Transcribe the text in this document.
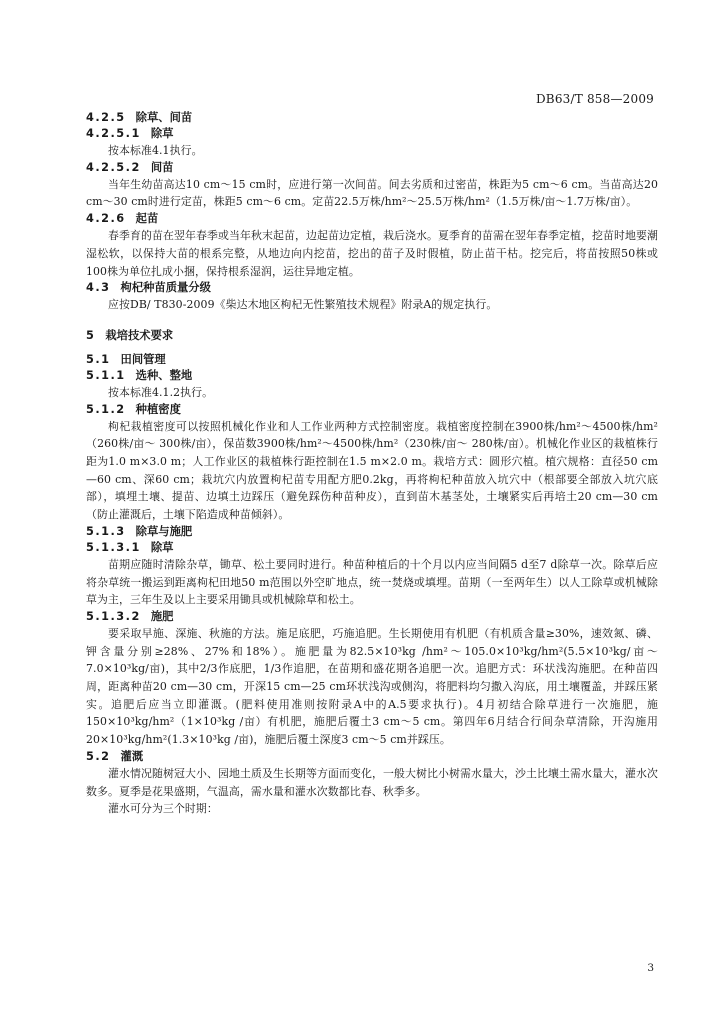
DB63/T 858—2009
4.2.5 除草、间苗
4.2.5.1 除草

按本标准4.1执行。

4.2.5.2 间苗

当年生幼苗高达10 cm～15 cm时，应进行第一次间苗。间去劣质和过密苗，株距为5 cm～6 cm。当苗高达20 cm～30 cm时进行定苗，株距5 cm～6 cm。定苗22.5万株/hm²～25.5万株/hm²（1.5万株/亩～1.7万株/亩）。

4.2.6 起苗

春季育的苗在翌年春季或当年秋末起苗，边起苗边定植，栽后浇水。夏季育的苗需在翌年春季定植，挖苗时地要潮湿松软，以保持大苗的根系完整，从地边向内挖苗，挖出的苗子及时假植，防止苗干枯。挖完后，将苗按照50株或100株为单位扎成小捆，保持根系湿润，运往异地定植。

4.3 枸杞种苗质量分级

应按DB/ T830-2009《柴达木地区枸杞无性繁殖技术规程》附录A的规定执行。

5 栽培技术要求
5.1 田间管理
5.1.1 选种、整地

按本标准4.1.2执行。

5.1.2 种植密度

枸杞栽植密度可以按照机械化作业和人工作业两种方式控制密度。栽植密度控制在3900株/hm²～4500株/hm²（260株/亩～ 300株/亩），保苗数3900株/hm²～4500株/hm²（230株/亩～ 280株/亩）。机械化作业区的栽植株行距为1.0 m×3.0 m；人工作业区的栽植株行距控制在1.5 m×2.0 m。栽培方式：圆形穴植。植穴规格：直径50 cm—60 cm、深60 cm；栽坑穴内放置枸杞苗专用配方肥0.2kg，再将枸杞种苗放入坑穴中（根部要全部放入坑穴底部），填埋土壤、提苗、边填土边踩压（避免踩伤种苗种皮），直到苗木基茎处，土壤紧实后再培土20 cm—30 cm（防止灌溉后，土壤下陷造成种苗倾斜）。

5.1.3 除草与施肥
5.1.3.1 除草

苗期应随时清除杂草，锄草、松土要同时进行。种苗种植后的十个月以内应当间隔5 d至7 d除草一次。除草后应将杂草统一搬运到距离枸杞田地50 m范围以外空旷地点，统一焚烧或填埋。苗期（一至两年生）以人工除草或机械除草为主，三年生及以上主要采用锄具或机械除草和松土。

5.1.3.2 施肥

要采取早施、深施、秋施的方法。施足底肥，巧施追肥。生长期使用有机肥（有机质含量≥30%，速效氮、磷、钾含量分别≥28%、27%和18%）。施肥量为82.5×10³kg /hm²～105.0×10³kg/hm²(5.5×10³kg/亩～7.0×10³kg/亩)，其中2/3作底肥，1/3作追肥，在苗期和盛花期各追肥一次。追肥方式：环状浅沟施肥。在种苗四周，距离种苗20 cm—30 cm，开深15 cm—25 cm环状浅沟或侧沟，将肥料均匀撒入沟底，用土壤覆盖，并踩压紧实。追肥后应当立即灌溉。(肥料使用准则按附录A中的A.5要求执行)。4月初结合除草进行一次施肥，施150×10³kg/hm²（1×10³kg /亩）有机肥，施肥后覆土3 cm～5 cm。第四年6月结合行间杂草清除，开沟施用20×10³kg/hm²(1.3×10³kg /亩)，施肥后覆土深度3 cm～5 cm并踩压。

5.2 灌溉

灌水情况随树冠大小、园地土质及生长期等方面而变化，一般大树比小树需水量大，沙土比壤土需水量大，灌水次数多。夏季是花果盛期，气温高，需水量和灌水次数都比春、秋季多。

灌水可分为三个时期：

3
